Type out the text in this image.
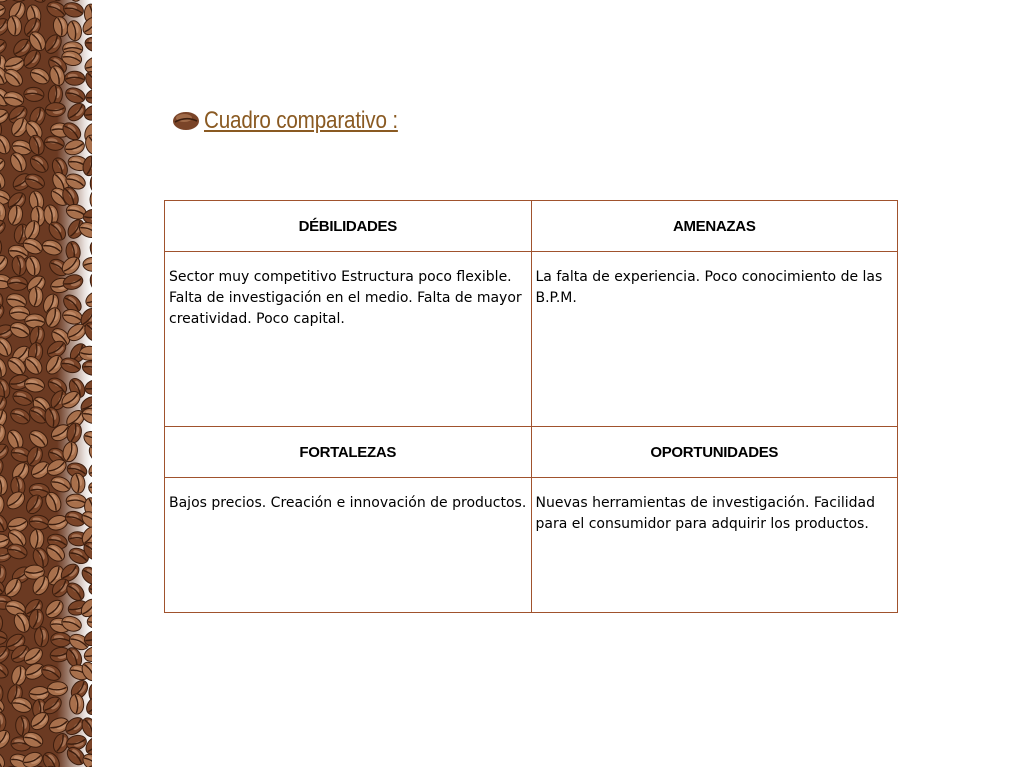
Cuadro comparativo :
DÉBILIDADES	AMENAZAS
Sector muy competitivo Estructura poco flexible. Falta de investigación en el medio. Falta de mayor creatividad. Poco capital.	La falta de experiencia. Poco conocimiento de las B.P.M.
FORTALEZAS	OPORTUNIDADES
Bajos precios. Creación e innovación de productos.	Nuevas herramientas de investigación. Facilidad para el consumidor para adquirir los productos.
